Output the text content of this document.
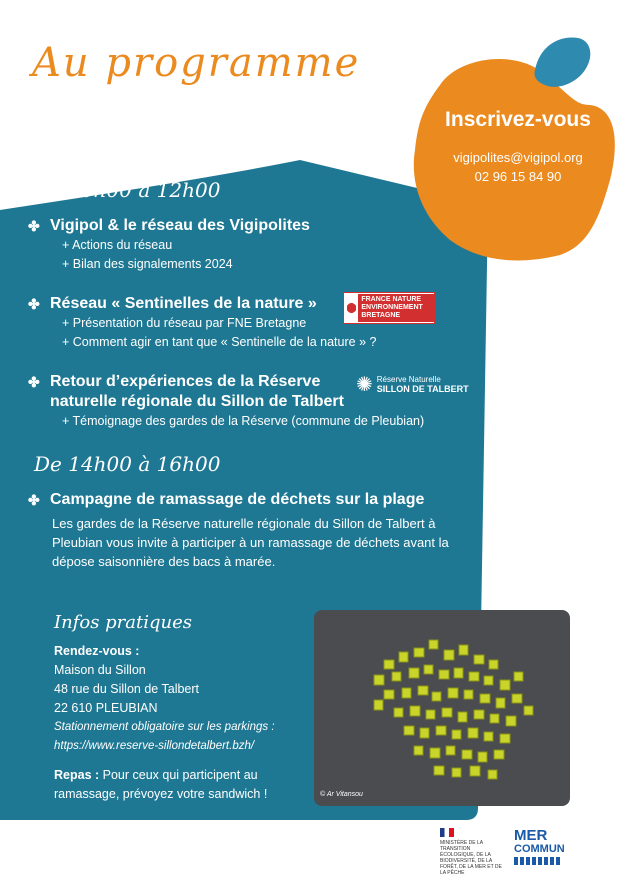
Au programme
Inscrivez-vous
vigipolites@vigipol.org
02 96 15 84 90
De 10h00 à 12h00
✤ Vigipol & le réseau des Vigipolites
+ Actions du réseau
+ Bilan des signalements 2024
✤ Réseau « Sentinelles de la nature »
+ Présentation du réseau par FNE Bretagne
+ Comment agir en tant que « Sentinelle de la nature » ?
FRANCE NATURE ENVIRONNEMENT BRETAGNE
✤ Retour d’expériences de la Réserve naturelle régionale du Sillon de Talbert
+ Témoignage des gardes de la Réserve (commune de Pleubian)
✺ Réserve Naturelle
SILLON DE TALBERT
De 14h00 à 16h00
✤ Campagne de ramassage de déchets sur la plage
Les gardes de la Réserve naturelle régionale du Sillon de Talbert à Pleubian vous invite à participer à un ramassage de déchets avant la dépose saisonnière des bacs à marée.
Infos pratiques
Rendez-vous :
Maison du Sillon
48 rue du Sillon de Talbert
22 610 PLEUBIAN
Stationnement obligatoire sur les parkings :
https://www.reserve-sillondetalbert.bzh/
Repas : Pour ceux qui participent au ramassage, prévoyez votre sandwich !	© Ar Vitansou
MINISTÈRE DE LA TRANSITION ÉCOLOGIQUE, DE LA BIODIVERSITÉ, DE LA FORÊT, DE LA MER ET DE LA PÊCHE
MER
COMMUN
